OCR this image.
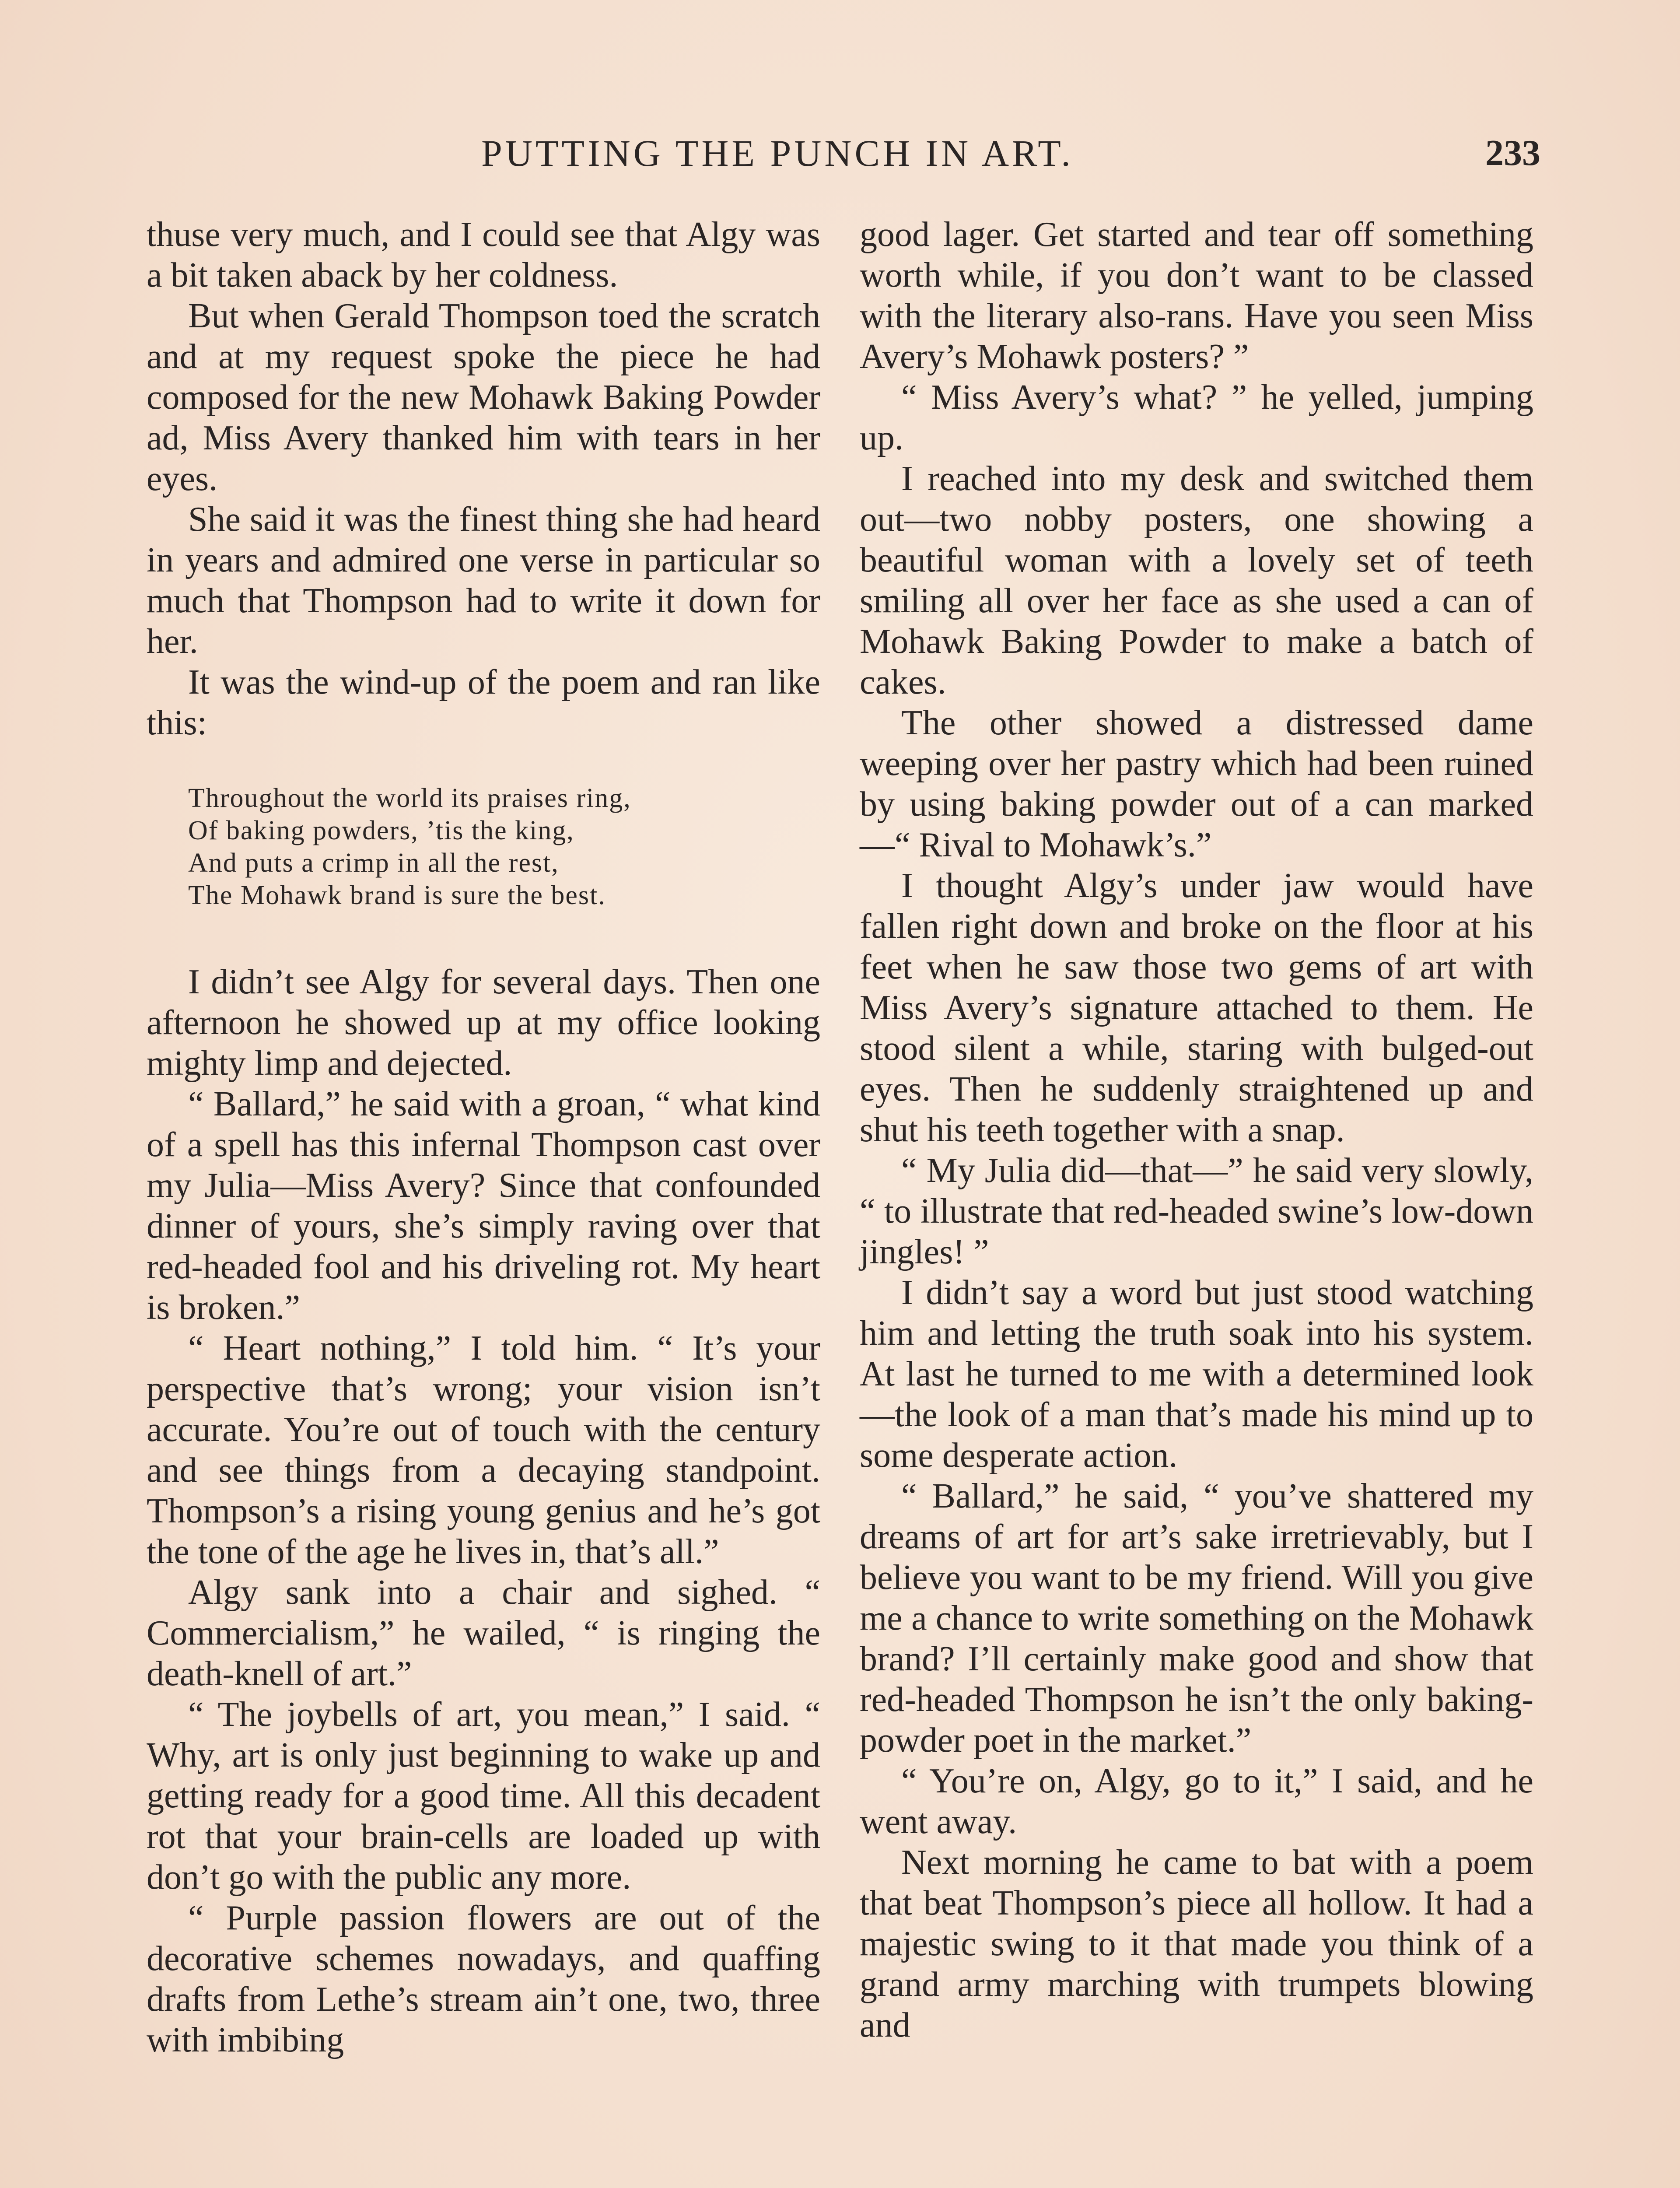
PUTTING THE PUNCH IN ART.	233

thuse very much, and I could see that Algy was a bit taken aback by her coldness.

But when Gerald Thompson toed the scratch and at my request spoke the piece he had composed for the new Mohawk Baking Powder ad, Miss Avery thanked him with tears in her eyes.

She said it was the finest thing she had heard in years and admired one verse in particular so much that Thompson had to write it down for her.

It was the wind-up of the poem and ran like this:

Throughout the world its praises ring,
Of baking powders, ’tis the king,
And puts a crimp in all the rest,
The Mohawk brand is sure the best.

I didn’t see Algy for several days. Then one afternoon he showed up at my office looking mighty limp and dejected.

“ Ballard,” he said with a groan, “ what kind of a spell has this infernal Thompson cast over my Julia—Miss Avery? Since that confounded dinner of yours, she’s simply raving over that red-headed fool and his driveling rot. My heart is broken.”

“ Heart nothing,” I told him. “ It’s your perspective that’s wrong; your vision isn’t accurate. You’re out of touch with the century and see things from a decaying standpoint. Thompson’s a rising young genius and he’s got the tone of the age he lives in, that’s all.”

Algy sank into a chair and sighed. “ Commercialism,” he wailed, “ is ringing the death-knell of art.”

“ The joybells of art, you mean,” I said. “ Why, art is only just beginning to wake up and getting ready for a good time. All this decadent rot that your brain-cells are loaded up with don’t go with the public any more.

“ Purple passion flowers are out of the decorative schemes nowadays, and quaffing drafts from Lethe’s stream ain’t one, two, three with imbibing

good lager. Get started and tear off something worth while, if you don’t want to be classed with the literary also-rans. Have you seen Miss Avery’s Mohawk posters? ”

“ Miss Avery’s what? ” he yelled, jumping up.

I reached into my desk and switched them out—two nobby posters, one showing a beautiful woman with a lovely set of teeth smiling all over her face as she used a can of Mohawk Baking Powder to make a batch of cakes.

The other showed a distressed dame weeping over her pastry which had been ruined by using baking powder out of a can marked—“ Rival to Mohawk’s.”

I thought Algy’s under jaw would have fallen right down and broke on the floor at his feet when he saw those two gems of art with Miss Avery’s signature attached to them. He stood silent a while, staring with bulged-out eyes. Then he suddenly straightened up and shut his teeth together with a snap.

“ My Julia did—that—” he said very slowly, “ to illustrate that red-headed swine’s low-down jingles! ”

I didn’t say a word but just stood watching him and letting the truth soak into his system. At last he turned to me with a determined look—the look of a man that’s made his mind up to some desperate action.

“ Ballard,” he said, “ you’ve shattered my dreams of art for art’s sake irretrievably, but I believe you want to be my friend. Will you give me a chance to write something on the Mohawk brand? I’ll certainly make good and show that red-headed Thompson he isn’t the only baking-powder poet in the market.”

“ You’re on, Algy, go to it,” I said, and he went away.

Next morning he came to bat with a poem that beat Thompson’s piece all hollow. It had a majestic swing to it that made you think of a grand army marching with trumpets blowing and
